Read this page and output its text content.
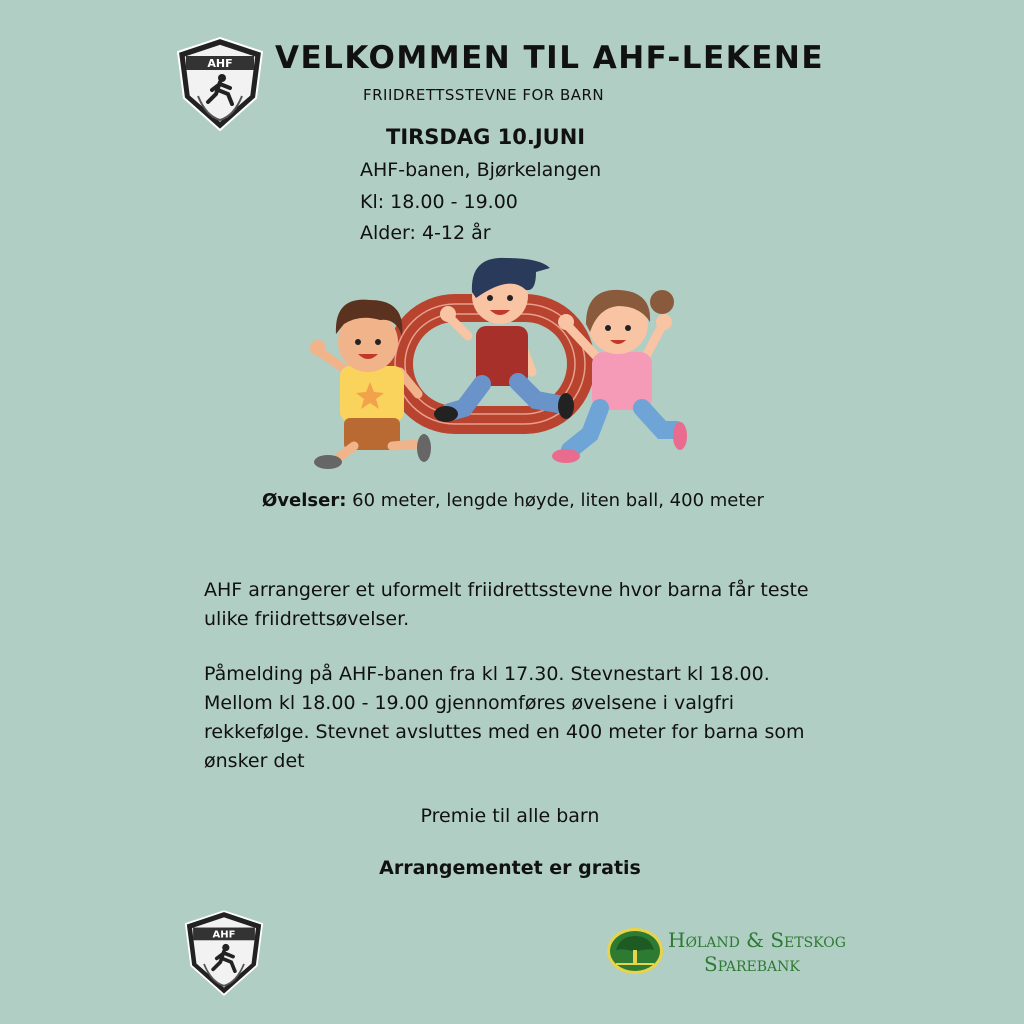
AHF VELKOMMEN TIL AHF-LEKENE
FRIIDRETTSSTEVNE FOR BARN
TIRSDAG 10.JUNI
AHF-banen, Bjørkelangen
Kl: 18.00 - 19.00
Alder: 4-12 år
Øvelser: 60 meter, lengde høyde, liten ball, 400 meter
AHF arrangerer et uformelt friidrettsstevne hvor barna får teste ulike friidrettsøvelser.
Påmelding på AHF-banen fra kl 17.30. Stevnestart kl 18.00. Mellom kl 18.00 - 19.00 gjennomføres øvelsene i valgfri rekkefølge. Stevnet avsluttes med en 400 meter for barna som ønsker det
Premie til alle barn
Arrangementet er gratis
AHF	Høland & Setskog
Sparebank
